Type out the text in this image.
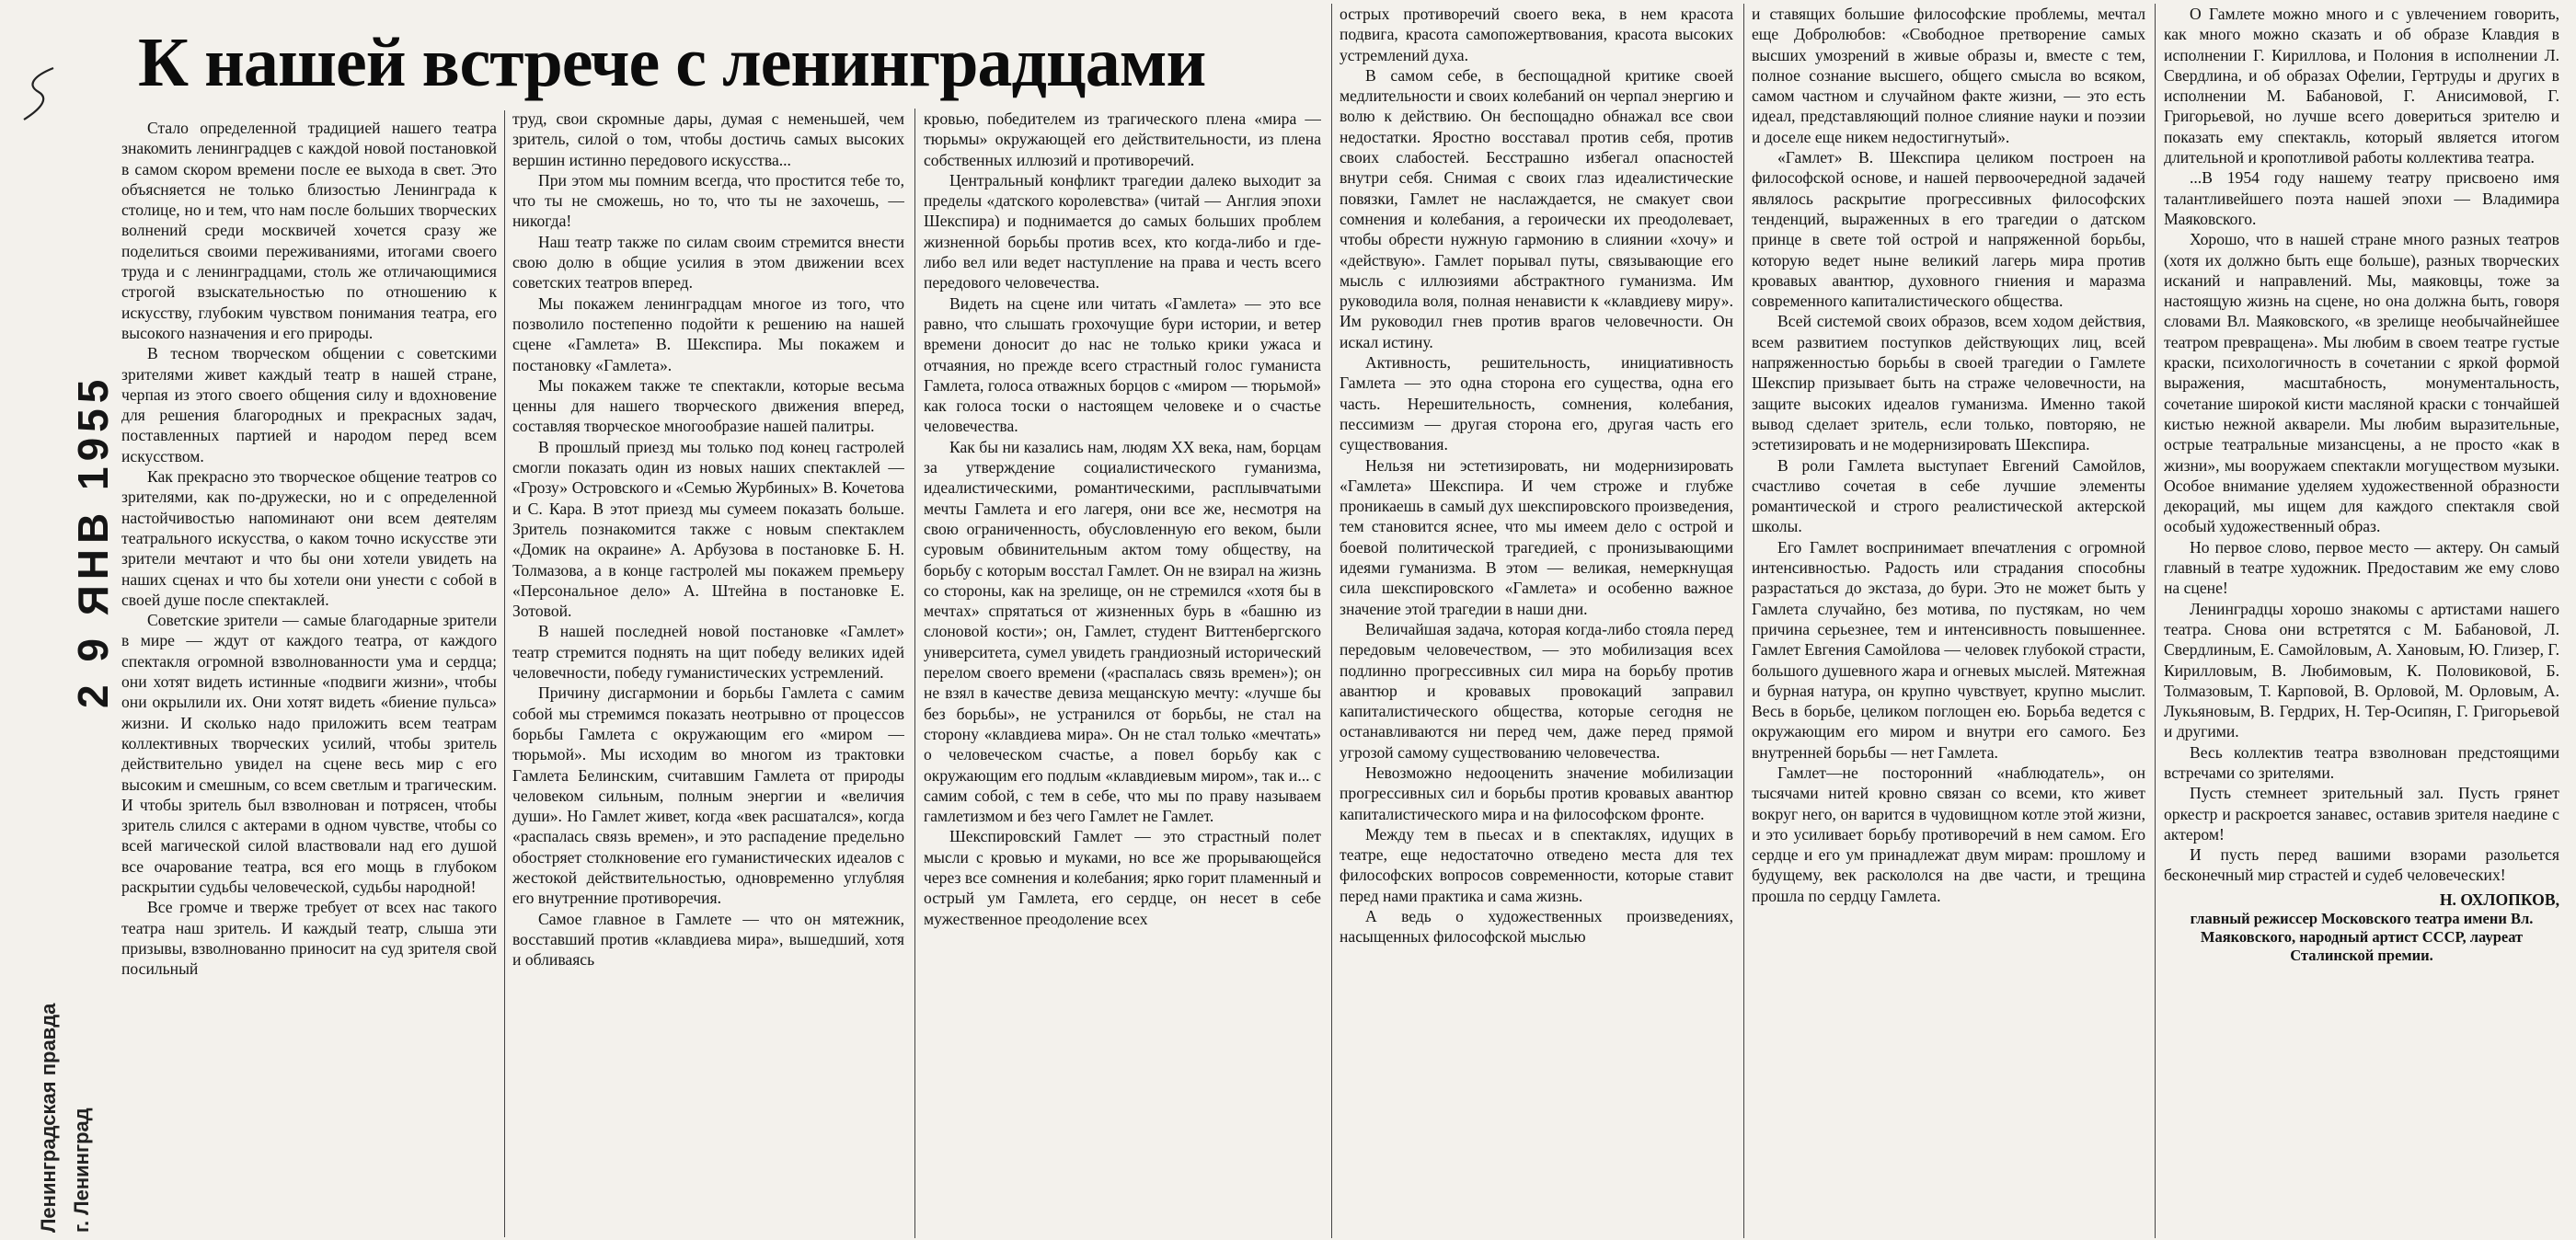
К нашей встрече с ленинградцами
2 9 ЯНВ 1955
Ленинградская правда г. Ленинград

Стало определенной традицией нашего театра знакомить ленинградцев с каждой новой постановкой в самом скором времени после ее выхода в свет. Это объясняется не только близостью Ленинграда к столице, но и тем, что нам после больших творческих волнений среди москвичей хочется сразу же поделиться своими переживаниями, итогами своего труда и с ленинградцами, столь же отличающимися строгой взыскательностью по отношению к искусству, глубоким чувством понимания театра, его высокого назначения и его природы.

В тесном творческом общении с советскими зрителями живет каждый театр в нашей стране, черпая из этого своего общения силу и вдохновение для решения благородных и прекрасных задач, поставленных партией и народом перед всем искусством.

Как прекрасно это творческое общение театров со зрителями, как по-дружески, но и с определенной настойчивостью напоминают они всем деятелям театрального искусства, о каком точно искусстве эти зрители мечтают и что бы они хотели увидеть на наших сценах и что бы хотели они унести с собой в своей душе после спектаклей.

Советские зрители — самые благодарные зрители в мире — ждут от каждого театра, от каждого спектакля огромной взволнованности ума и сердца; они хотят видеть истинные «подвиги жизни», чтобы они окрылили их. Они хотят видеть «биение пульса» жизни. И сколько надо приложить всем театрам коллективных творческих усилий, чтобы зритель действительно увидел на сцене весь мир с его высоким и смешным, со всем светлым и трагическим. И чтобы зритель был взволнован и потрясен, чтобы зритель слился с актерами в одном чувстве, чтобы со всей магической силой властвовали над его душой все очарование театра, вся его мощь в глубоком раскрытии судьбы человеческой, судьбы народной!

Все громче и тверже требует от всех нас такого театра наш зритель. И каждый театр, слыша эти призывы, взволнованно приносит на суд зрителя свой посильный

труд, свои скромные дары, думая с неменьшей, чем зритель, силой о том, чтобы достичь самых высоких вершин истинно передового искусства...

При этом мы помним всегда, что простится тебе то, что ты не сможешь, но то, что ты не захочешь, — никогда!

Наш театр также по силам своим стремится внести свою долю в общие усилия в этом движении всех советских театров вперед.

Мы покажем ленинградцам многое из того, что позволило постепенно подойти к решению на нашей сцене «Гамлета» В. Шекспира. Мы покажем и постановку «Гамлета».

Мы покажем также те спектакли, которые весьма ценны для нашего творческого движения вперед, составляя творческое многообразие нашей палитры.

В прошлый приезд мы только под конец гастролей смогли показать один из новых наших спектаклей — «Грозу» Островского и «Семью Журбиных» В. Кочетова и С. Кара. В этот приезд мы сумеем показать больше. Зритель познакомится также с новым спектаклем «Домик на окраине» А. Арбузова в постановке Б. Н. Толмазова, а в конце гастролей мы покажем премьеру «Персональное дело» А. Штейна в постановке Е. Зотовой.

В нашей последней новой постановке «Гамлет» театр стремится поднять на щит победу великих идей человечности, победу гуманистических устремлений.

Причину дисгармонии и борьбы Гамлета с самим собой мы стремимся показать неотрывно от процессов борьбы Гамлета с окружающим его «миром — тюрьмой». Мы исходим во многом из трактовки Гамлета Белинским, считавшим Гамлета от природы человеком сильным, полным энергии и «величия души». Но Гамлет живет, когда «век расшатался», когда «распалась связь времен», и это распадение предельно обостряет столкновение его гуманистических идеалов с жестокой действительностью, одновременно углубляя его внутренние противоречия.

Самое главное в Гамлете — что он мятежник, восставший против «клавдиева мира», вышедший, хотя и обливаясь

кровью, победителем из трагического плена «мира — тюрьмы» окружающей его действительности, из плена собственных иллюзий и противоречий.

Центральный конфликт трагедии далеко выходит за пределы «датского королевства» (читай — Англия эпохи Шекспира) и поднимается до самых больших проблем жизненной борьбы против всех, кто когда-либо и где-либо вел или ведет наступление на права и честь всего передового человечества.

Видеть на сцене или читать «Гамлета» — это все равно, что слышать грохочущие бури истории, и ветер времени доносит до нас не только крики ужаса и отчаяния, но прежде всего страстный голос гуманиста Гамлета, голоса отважных борцов с «миром — тюрьмой» как голоса тоски о настоящем человеке и о счастье человечества.

Как бы ни казались нам, людям XX века, нам, борцам за утверждение социалистического гуманизма, идеалистическими, романтическими, расплывчатыми мечты Гамлета и его лагеря, они все же, несмотря на свою ограниченность, обусловленную его веком, были суровым обвинительным актом тому обществу, на борьбу с которым восстал Гамлет. Он не взирал на жизнь со стороны, как на зрелище, он не стремился «хотя бы в мечтах» спрятаться от жизненных бурь в «башню из слоновой кости»; он, Гамлет, студент Виттенбергского университета, сумел увидеть грандиозный исторический перелом своего времени («распалась связь времен»); он не взял в качестве девиза мещанскую мечту: «лучше бы без борьбы», не устранился от борьбы, не стал на сторону «клавдиева мира». Он не стал только «мечтать» о человеческом счастье, а повел борьбу как с окружающим его подлым «клавдиевым миром», так и... с самим собой, с тем в себе, что мы по праву называем гамлетизмом и без чего Гамлет не Гамлет.

Шекспировский Гамлет — это страстный полет мысли с кровью и муками, но все же прорывающейся через все сомнения и колебания; ярко горит пламенный и острый ум Гамлета, его сердце, он несет в себе мужественное преодоление всех

острых противоречий своего века, в нем красота подвига, красота самопожертвования, красота высоких устремлений духа.

В самом себе, в беспощадной критике своей медлительности и своих колебаний он черпал энергию и волю к действию. Он беспощадно обнажал все свои недостатки. Яростно восставал против себя, против своих слабостей. Бесстрашно избегал опасностей внутри себя. Снимая с своих глаз идеалистические повязки, Гамлет не наслаждается, не смакует свои сомнения и колебания, а героически их преодолевает, чтобы обрести нужную гармонию в слиянии «хочу» и «действую». Гамлет порывал путы, связывающие его мысль с иллюзиями абстрактного гуманизма. Им руководила воля, полная ненависти к «клавдиеву миру». Им руководил гнев против врагов человечности. Он искал истину.

Активность, решительность, инициативность Гамлета — это одна сторона его существа, одна его часть. Нерешительность, сомнения, колебания, пессимизм — другая сторона его, другая часть его существования.

Нельзя ни эстетизировать, ни модернизировать «Гамлета» Шекспира. И чем строже и глубже проникаешь в самый дух шекспировского произведения, тем становится яснее, что мы имеем дело с острой и боевой политической трагедией, с пронизывающими идеями гуманизма. В этом — великая, немеркнущая сила шекспировского «Гамлета» и особенно важное значение этой трагедии в наши дни.

Величайшая задача, которая когда-либо стояла перед передовым человечеством, — это мобилизация всех подлинно прогрессивных сил мира на борьбу против авантюр и кровавых провокаций заправил капиталистического общества, которые сегодня не останавливаются ни перед чем, даже перед прямой угрозой самому существованию человечества.

Невозможно недооценить значение мобилизации прогрессивных сил и борьбы против кровавых авантюр капиталистического мира и на философском фронте.

Между тем в пьесах и в спектаклях, идущих в театре, еще недостаточно отведено места для тех философских вопросов современности, которые ставит перед нами практика и сама жизнь.

А ведь о художественных произведениях, насыщенных философской мыслью

и ставящих большие философские проблемы, мечтал еще Добролюбов: «Свободное претворение самых высших умозрений в живые образы и, вместе с тем, полное сознание высшего, общего смысла во всяком, самом частном и случайном факте жизни, — это есть идеал, представляющий полное слияние науки и поэзии и доселе еще никем недостигнутый».

«Гамлет» В. Шекспира целиком построен на философской основе, и нашей первоочередной задачей являлось раскрытие прогрессивных философских тенденций, выраженных в его трагедии о датском принце в свете той острой и напряженной борьбы, которую ведет ныне великий лагерь мира против кровавых авантюр, духовного гниения и маразма современного капиталистического общества.

Всей системой своих образов, всем ходом действия, всем развитием поступков действующих лиц, всей напряженностью борьбы в своей трагедии о Гамлете Шекспир призывает быть на страже человечности, на защите высоких идеалов гуманизма. Именно такой вывод сделает зритель, если только, повторяю, не эстетизировать и не модернизировать Шекспира.

В роли Гамлета выступает Евгений Самойлов, счастливо сочетая в себе лучшие элементы романтической и строго реалистической актерской школы.

Его Гамлет воспринимает впечатления с огромной интенсивностью. Радость или страдания способны разрастаться до экстаза, до бури. Это не может быть у Гамлета случайно, без мотива, по пустякам, но чем причина серьезнее, тем и интенсивность повышеннее. Гамлет Евгения Самойлова — человек глубокой страсти, большого душевного жара и огневых мыслей. Мятежная и бурная натура, он крупно чувствует, крупно мыслит. Весь в борьбе, целиком поглощен ею. Борьба ведется с окружающим его миром и внутри его самого. Без внутренней борьбы — нет Гамлета.

Гамлет—не посторонний «наблюдатель», он тысячами нитей кровно связан со всеми, кто живет вокруг него, он варится в чудовищном котле этой жизни, и это усиливает борьбу противоречий в нем самом. Его сердце и его ум принадлежат двум мирам: прошлому и будущему, век раскололся на две части, и трещина прошла по сердцу Гамлета.

О Гамлете можно много и с увлечением говорить, как много можно сказать и об образе Клавдия в исполнении Г. Кириллова, и Полония в исполнении Л. Свердлина, и об образах Офелии, Гертруды и других в исполнении М. Бабановой, Г. Анисимовой, Г. Григорьевой, но лучше всего довериться зрителю и показать ему спектакль, который является итогом длительной и кропотливой работы коллектива театра.

...В 1954 году нашему театру присвоено имя талантливейшего поэта нашей эпохи — Владимира Маяковского.

Хорошо, что в нашей стране много разных театров (хотя их должно быть еще больше), разных творческих исканий и направлений. Мы, маяковцы, тоже за настоящую жизнь на сцене, но она должна быть, говоря словами Вл. Маяковского, «в зрелище необычайнейшее театром превращена». Мы любим в своем театре густые краски, психологичность в сочетании с яркой формой выражения, масштабность, монументальность, сочетание широкой кисти масляной краски с тончайшей кистью нежной акварели. Мы любим выразительные, острые театральные мизансцены, а не просто «как в жизни», мы вооружаем спектакли могуществом музыки. Особое внимание уделяем художественной образности декораций, мы ищем для каждого спектакля свой особый художественный образ.

Но первое слово, первое место — актеру. Он самый главный в театре художник. Предоставим же ему слово на сцене!

Ленинградцы хорошо знакомы с артистами нашего театра. Снова они встретятся с М. Бабановой, Л. Свердлиным, Е. Самойловым, А. Хановым, Ю. Глизер, Г. Кирилловым, В. Любимовым, К. Половиковой, Б. Толмазовым, Т. Карповой, В. Орловой, М. Орловым, А. Лукьяновым, В. Гердрих, Н. Тер-Осипян, Г. Григорьевой и другими.

Весь коллектив театра взволнован предстоящими встречами со зрителями.

Пусть стемнеет зрительный зал. Пусть грянет оркестр и раскроется занавес, оставив зрителя наедине с актером!

И пусть перед вашими взорами разольется бесконечный мир страстей и судеб человеческих!

Н. ОХЛОПКОВ,

главный режиссер Московского театра имени Вл. Маяковского, народный артист СССР, лауреат Сталинской премии.
